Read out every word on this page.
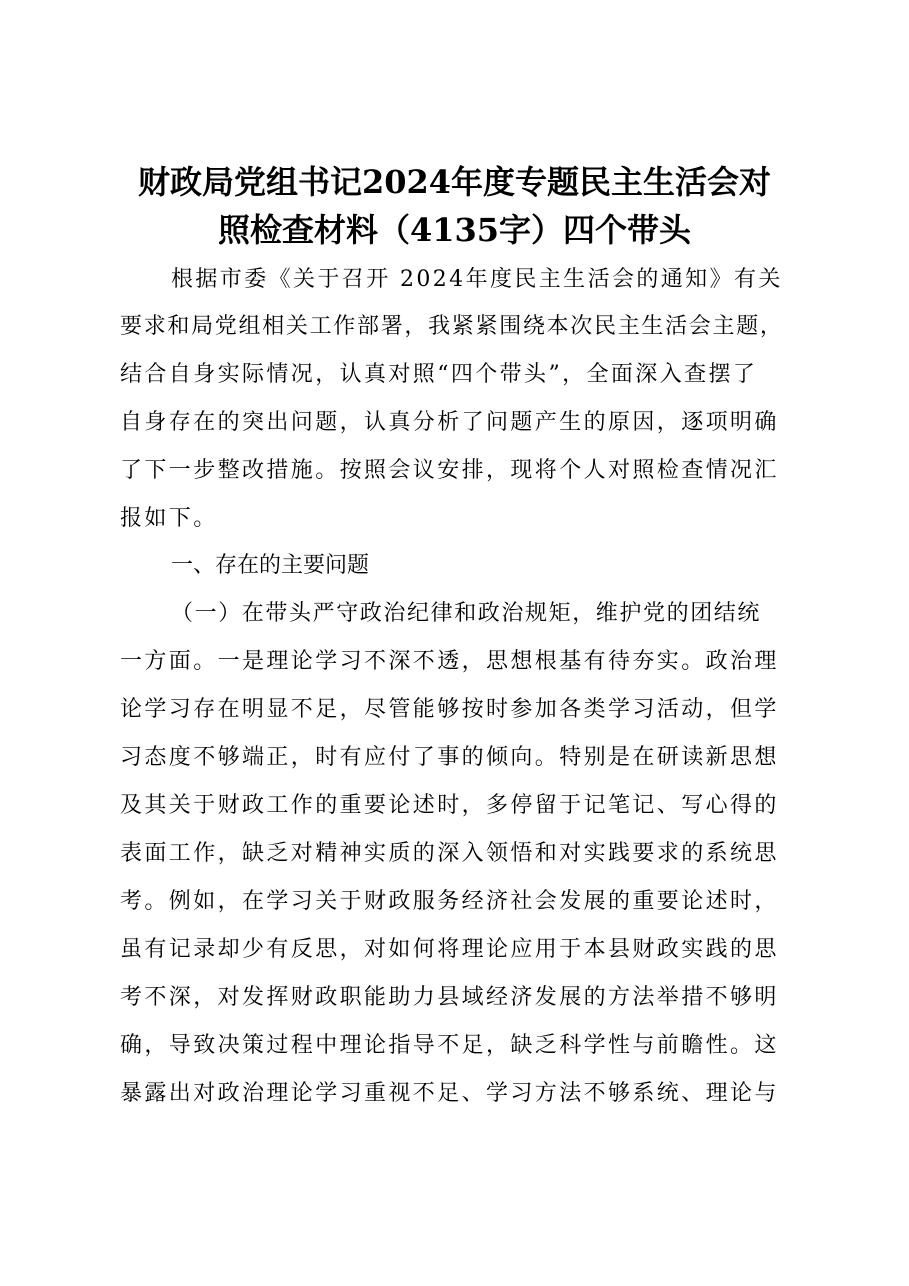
财政局党组书记2024年度专题民主生活会对
照检查材料（4135字）四个带头

根据市委《关于召开 2024年度民主生活会的通知》有关

要求和局党组相关工作部署，我紧紧围绕本次民主生活会主题，

结合自身实际情况，认真对照“四个带头”，全面深入查摆了

自身存在的突出问题，认真分析了问题产生的原因，逐项明确

了下一步整改措施。按照会议安排，现将个人对照检查情况汇

报如下。

一、存在的主要问题

（一）在带头严守政治纪律和政治规矩，维护党的团结统

一方面。一是理论学习不深不透，思想根基有待夯实。政治理

论学习存在明显不足，尽管能够按时参加各类学习活动，但学

习态度不够端正，时有应付了事的倾向。特别是在研读新思想

及其关于财政工作的重要论述时，多停留于记笔记、写心得的

表面工作，缺乏对精神实质的深入领悟和对实践要求的系统思

考。例如，在学习关于财政服务经济社会发展的重要论述时，

虽有记录却少有反思，对如何将理论应用于本县财政实践的思

考不深，对发挥财政职能助力县域经济发展的方法举措不够明

确，导致决策过程中理论指导不足，缺乏科学性与前瞻性。这

暴露出对政治理论学习重视不足、学习方法不够系统、理论与
